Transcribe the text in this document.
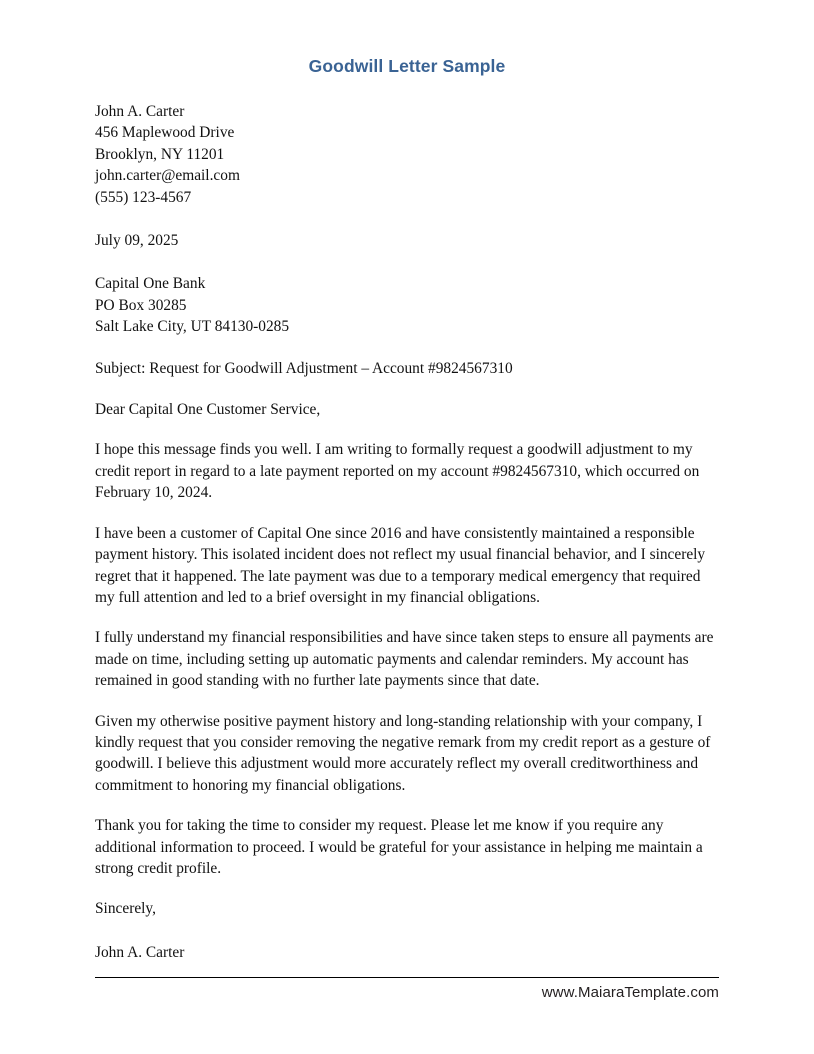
Goodwill Letter Sample
John A. Carter
456 Maplewood Drive
Brooklyn, NY 11201
john.carter@email.com
(555) 123-4567
July 09, 2025
Capital One Bank
PO Box 30285
Salt Lake City, UT 84130-0285

Subject: Request for Goodwill Adjustment – Account #9824567310

Dear Capital One Customer Service,

I hope this message finds you well. I am writing to formally request a goodwill adjustment to my credit report in regard to a late payment reported on my account #9824567310, which occurred on February 10, 2024.

I have been a customer of Capital One since 2016 and have consistently maintained a responsible payment history. This isolated incident does not reflect my usual financial behavior, and I sincerely regret that it happened. The late payment was due to a temporary medical emergency that required my full attention and led to a brief oversight in my financial obligations.

I fully understand my financial responsibilities and have since taken steps to ensure all payments are made on time, including setting up automatic payments and calendar reminders. My account has remained in good standing with no further late payments since that date.

Given my otherwise positive payment history and long-standing relationship with your company, I kindly request that you consider removing the negative remark from my credit report as a gesture of goodwill. I believe this adjustment would more accurately reflect my overall creditworthiness and commitment to honoring my financial obligations.

Thank you for taking the time to consider my request. Please let me know if you require any additional information to proceed. I would be grateful for your assistance in helping me maintain a strong credit profile.

Sincerely,

John A. Carter

www.MaiaraTemplate.com
